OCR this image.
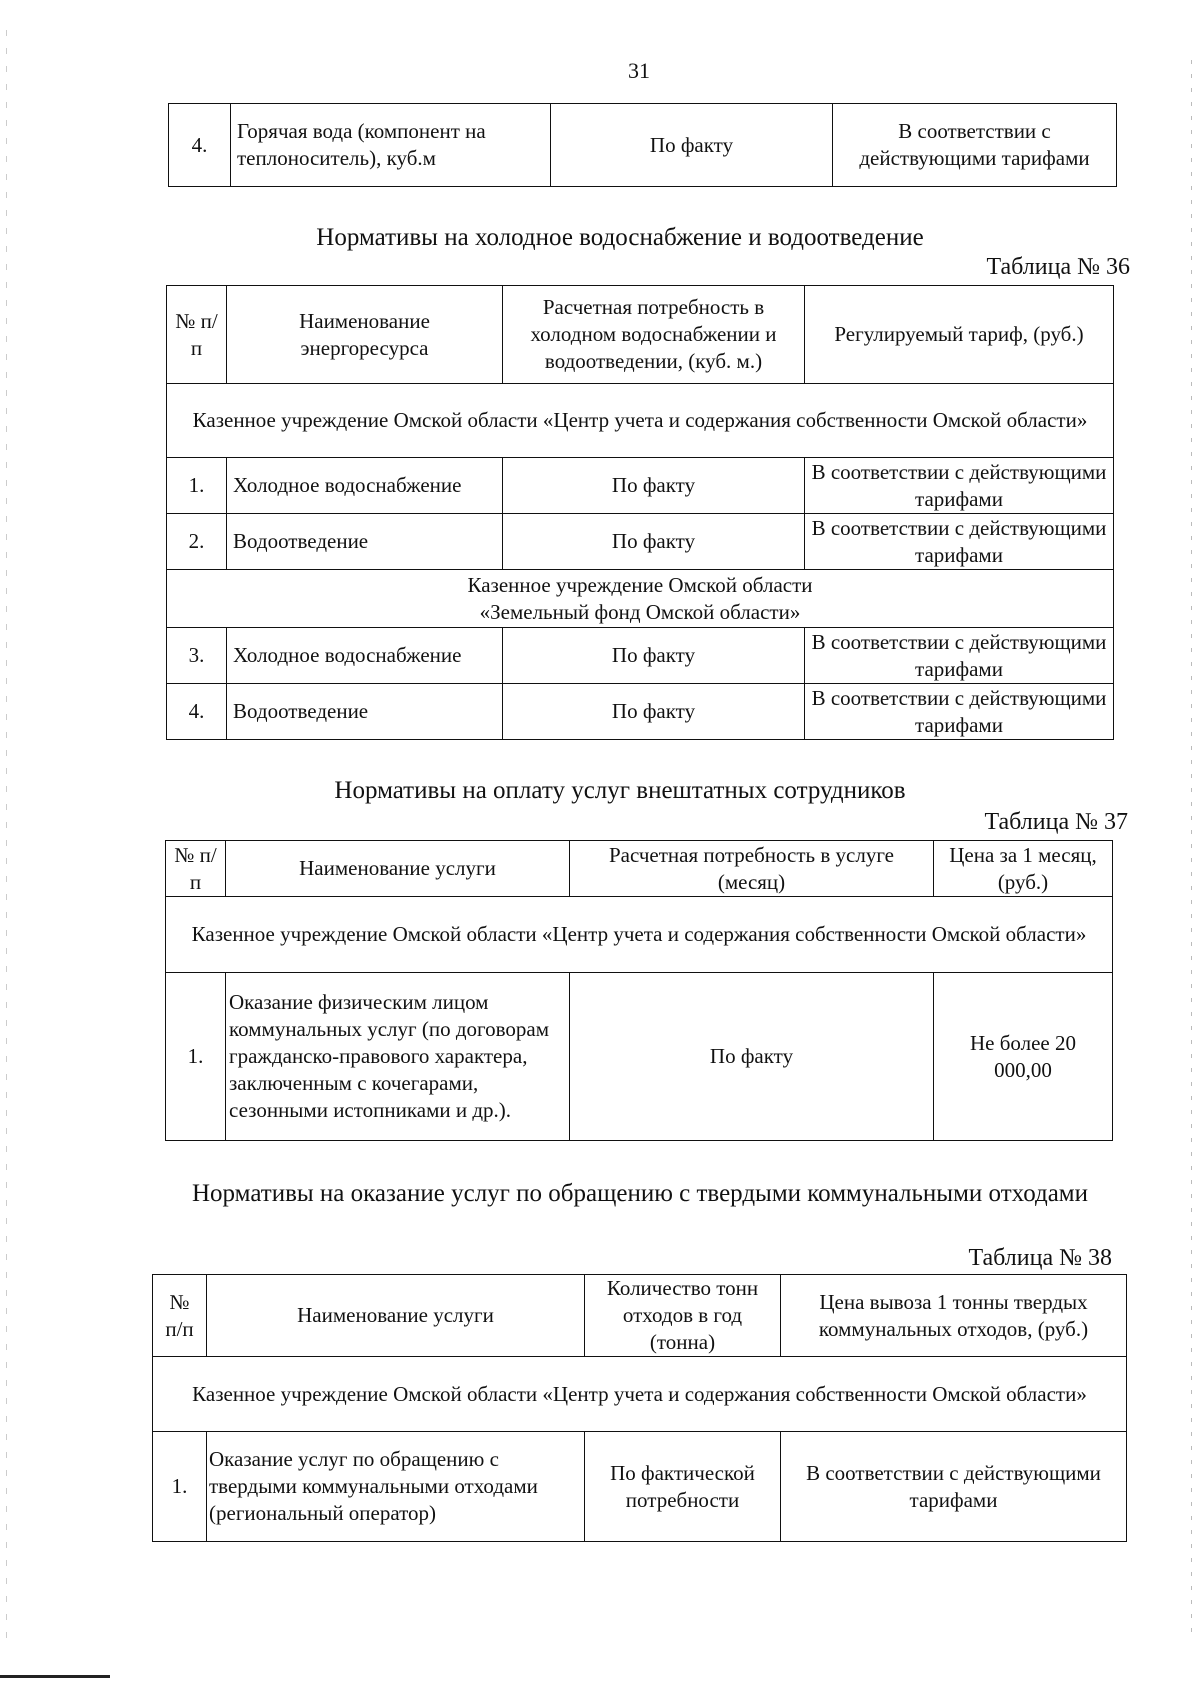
31
4.	Горячая вода (компонент на теплоноситель), куб.м	По факту	В соответствии с действующими тарифами
Нормативы на холодное водоснабжение и водоотведение
Таблица № 36
№ п/п	Наименование энергоресурса	Расчетная потребность в холодном водоснабжении и водоотведении, (куб. м.)	Регулируемый тариф, (руб.)
Казенное учреждение Омской области «Центр учета и содержания собственности Омской области»			
1.	Холодное водоснабжение	По факту	В соответствии с действующими тарифами
2.	Водоотведение	По факту	В соответствии с действующими тарифами
Казенное учреждение Омской области «Земельный фонд Омской области»			
3.	Холодное водоснабжение	По факту	В соответствии с действующими тарифами
4.	Водоотведение	По факту	В соответствии с действующими тарифами
Нормативы на оплату услуг внештатных сотрудников
Таблица № 37
№ п/п	Наименование услуги	Расчетная потребность в услуге (месяц)	Цена за 1 месяц, (руб.)
Казенное учреждение Омской области «Центр учета и содержания собственности Омской области»			
1.	Оказание физическим лицом коммунальных услуг (по договорам гражданско-правового характера, заключенным с кочегарами, сезонными истопниками и др.).	По факту	Не более 20 000,00
Нормативы на оказание услуг по обращению с твердыми коммунальными отходами
Таблица № 38
№ п/п	Наименование услуги	Количество тонн отходов в год (тонна)	Цена вывоза 1 тонны твердых коммунальных отходов, (руб.)
Казенное учреждение Омской области «Центр учета и содержания собственности Омской области»			
1.	Оказание услуг по обращению с твердыми коммунальными отходами (региональный оператор)	По фактической потребности	В соответствии с действующими тарифами
